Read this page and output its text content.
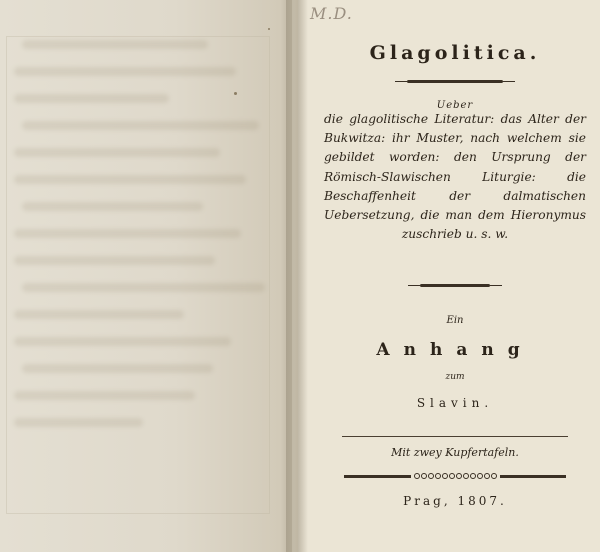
M.D.
Glagolitica.
Ueber
die glagolitische Literatur: das Alter der Bukwitza: ihr Muster, nach welchem sie gebildet worden: den Ursprung der Römisch-Slawischen Liturgie: die Beschaffenheit der dalmatischen Uebersetzung, die man dem Hieronymus zuschrieb u. s. w.
Ein
Anhang
zum
Slavin.
Mit zwey Kupfertafeln.
Prag, 1807.
